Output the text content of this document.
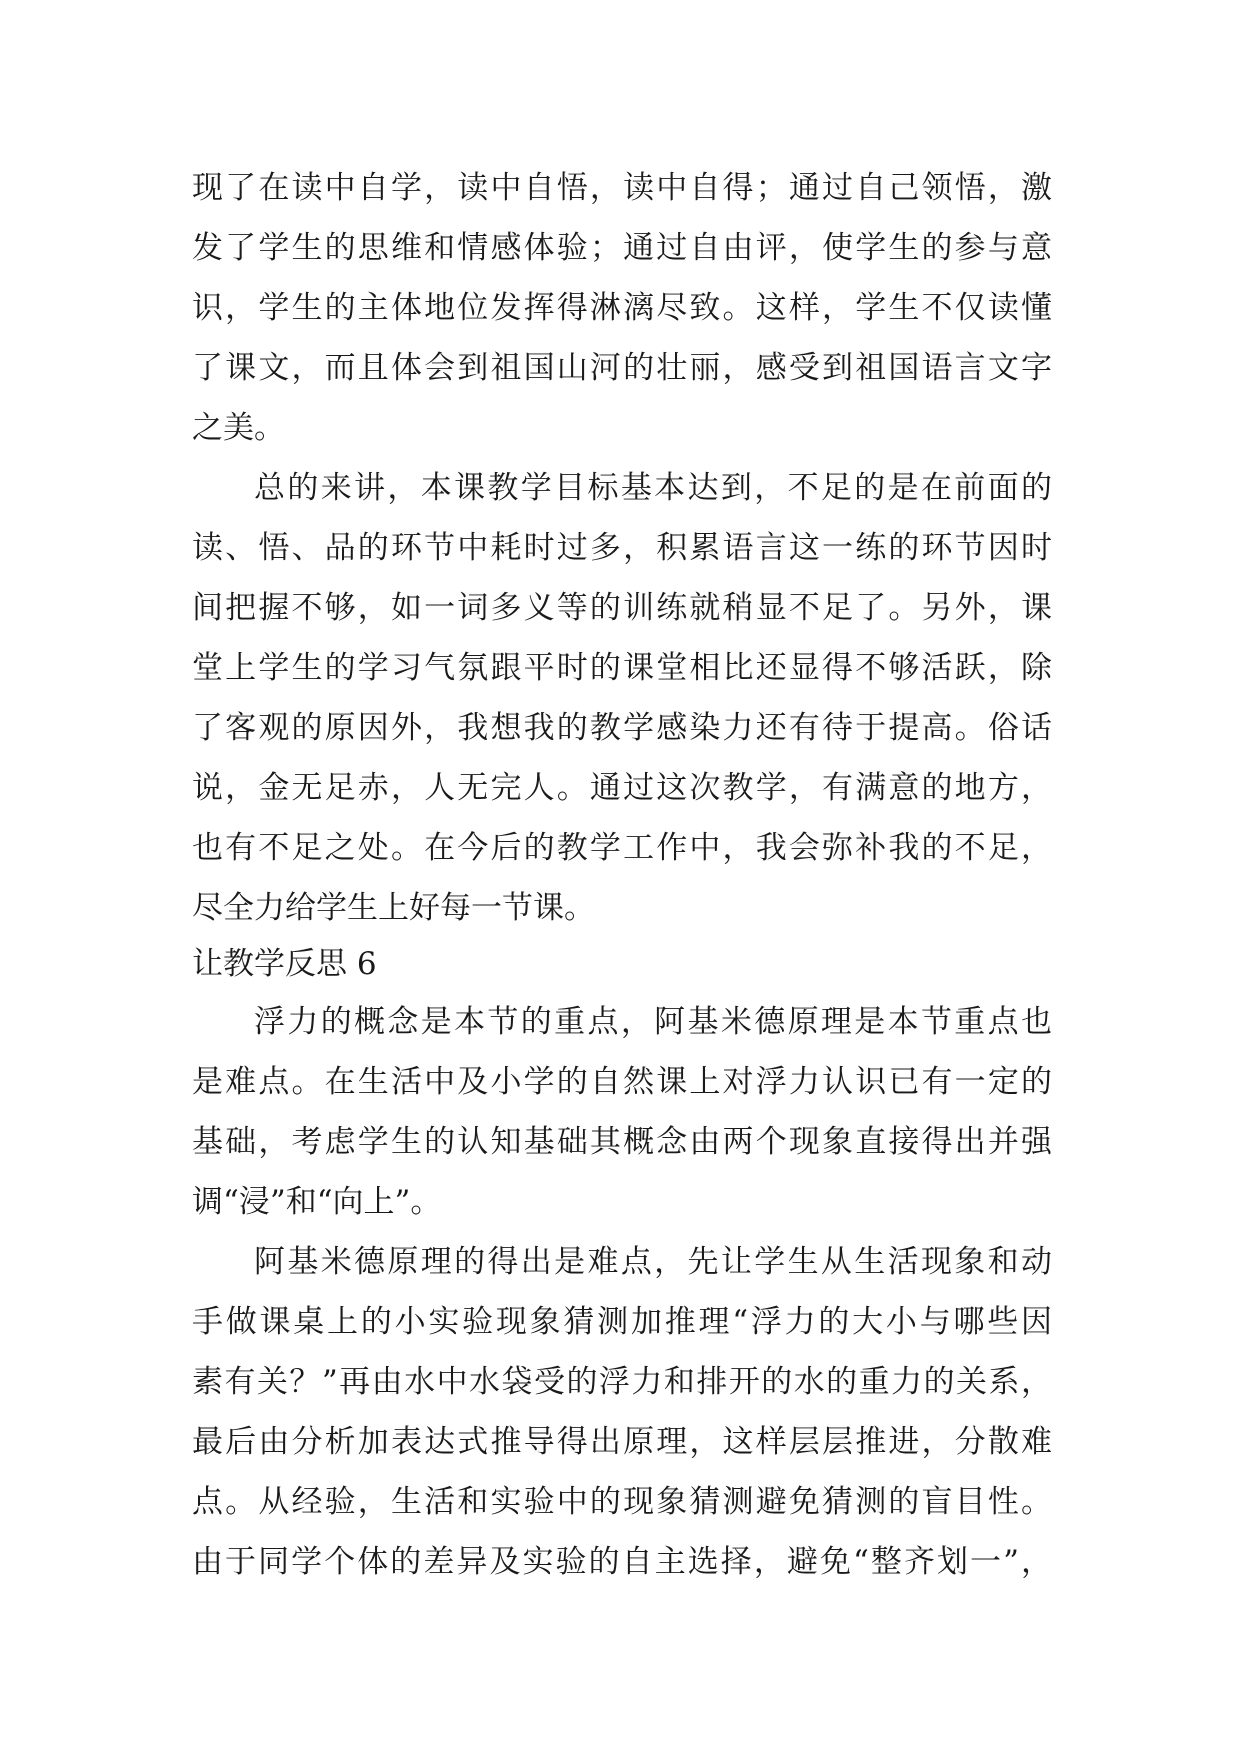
现了在读中自学，读中自悟，读中自得；通过自己领悟，激
发了学生的思维和情感体验；通过自由评，使学生的参与意
识，学生的主体地位发挥得淋漓尽致。这样，学生不仅读懂
了课文，而且体会到祖国山河的壮丽，感受到祖国语言文字
之美。
总的来讲，本课教学目标基本达到，不足的是在前面的
读、悟、品的环节中耗时过多，积累语言这一练的环节因时
间把握不够，如一词多义等的训练就稍显不足了。另外，课
堂上学生的学习气氛跟平时的课堂相比还显得不够活跃，除
了客观的原因外，我想我的教学感染力还有待于提高。俗话
说，金无足赤，人无完人。通过这次教学，有满意的地方，
也有不足之处。在今后的教学工作中，我会弥补我的不足，
尽全力给学生上好每一节课。
让教学反思 6
浮力的概念是本节的重点，阿基米德原理是本节重点也
是难点。在生活中及小学的自然课上对浮力认识已有一定的
基础，考虑学生的认知基础其概念由两个现象直接得出并强
调“浸”和“向上”。
阿基米德原理的得出是难点，先让学生从生活现象和动
手做课桌上的小实验现象猜测加推理“浮力的大小与哪些因
素有关？”再由水中水袋受的浮力和排开的水的重力的关系，
最后由分析加表达式推导得出原理，这样层层推进，分散难
点。从经验，生活和实验中的现象猜测避免猜测的盲目性。
由于同学个体的差异及实验的自主选择，避免“整齐划一”，
